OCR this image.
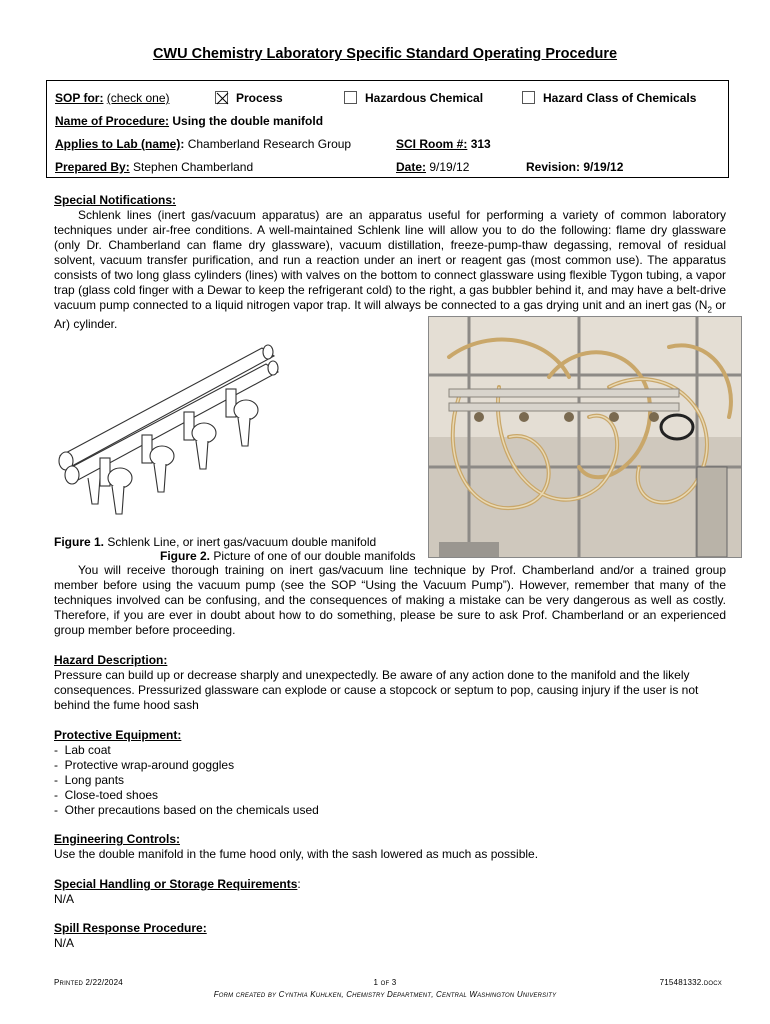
CWU Chemistry Laboratory Specific Standard Operating Procedure
SOP for: (check one)	Process	Hazardous Chemical	Hazard Class of Chemicals
Name of Procedure: Using the double manifold
Applies to Lab (name): Chamberland Research Group	SCI Room #: 313
Prepared By: Stephen Chamberland	Date: 9/19/12	Revision: 9/19/12
Special Notifications:
Schlenk lines (inert gas/vacuum apparatus) are an apparatus useful for performing a variety of common laboratory techniques under air-free conditions. A well-maintained Schlenk line will allow you to do the following: flame dry glassware (only Dr. Chamberland can flame dry glassware), vacuum distillation, freeze-pump-thaw degassing, removal of residual solvent, vacuum transfer purification, and run a reaction under an inert or reagent gas (most common use). The apparatus consists of two long glass cylinders (lines) with valves on the bottom to connect glassware using flexible Tygon tubing, a vapor trap (glass cold finger with a Dewar to keep the refrigerant cold) to the right, a gas bubbler behind it, and may have a belt-drive vacuum pump connected to a liquid nitrogen vapor trap. It will always be connected to a gas drying unit and an inert gas ($N_2$ or Ar) cylinder.
Figure 1. Schlenk Line, or inert gas/vacuum double manifold
Figure 2. Picture of one of our double manifolds
You will receive thorough training on inert gas/vacuum line technique by Prof. Chamberland and/or a trained group member before using the vacuum pump (see the SOP “Using the Vacuum Pump”). However, remember that many of the techniques involved can be confusing, and the consequences of making a mistake can be very dangerous as well as costly. Therefore, if you are ever in doubt about how to do something, please be sure to ask Prof. Chamberland or an experienced group member before proceeding.
Hazard Description:
Pressure can build up or decrease sharply and unexpectedly. Be aware of any action done to the manifold and the likely consequences. Pressurized glassware can explode or cause a stopcock or septum to pop, causing injury if the user is not behind the fume hood sash
Protective Equipment:
- Lab coat
- Protective wrap-around goggles
- Long pants
- Close-toed shoes
- Other precautions based on the chemicals used
Engineering Controls:
Use the double manifold in the fume hood only, with the sash lowered as much as possible.
Special Handling or Storage Requirements:
N/A
Spill Response Procedure:
N/A
Printed 2/22/2024	1 of 3	715481332.docx
Form created by Cynthia Kuhlken, Chemistry Department, Central Washington University
